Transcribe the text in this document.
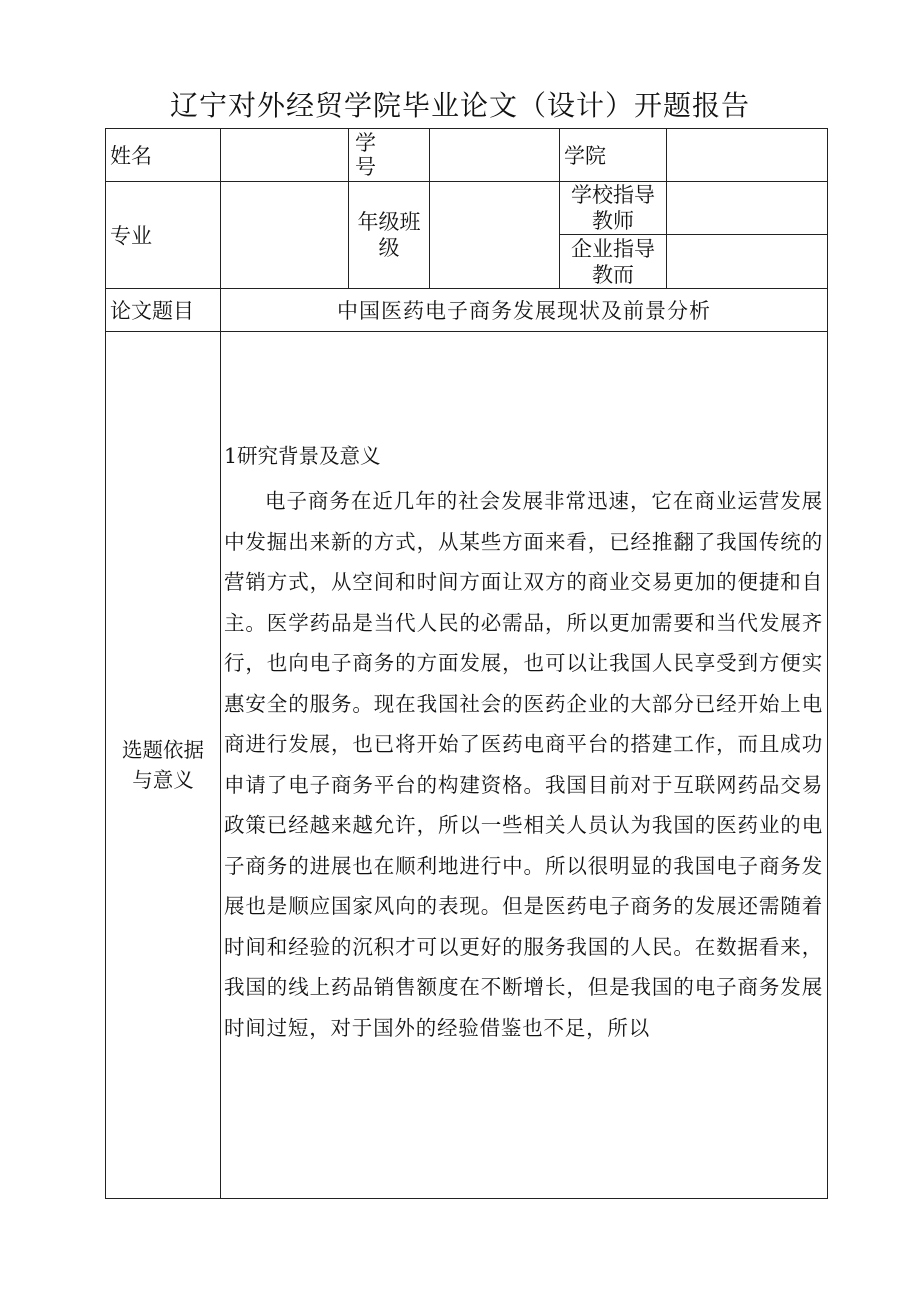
辽宁对外经贸学院毕业论文（设计）开题报告
姓名		学号		学院	
专业		年级班级		学校指导教师	

				企业指导教而	

论文题目	中国医药电子商务发展现状及前景分析				

选题依据与意义	1研究背景及意义

电子商务在近几年的社会发展非常迅速，它在商业运营发展中发掘出来新的方式，从某些方面来看，已经推翻了我国传统的营销方式，从空间和时间方面让双方的商业交易更加的便捷和自主。医学药品是当代人民的必需品，所以更加需要和当代发展齐行，也向电子商务的方面发展，也可以让我国人民享受到方便实惠安全的服务。现在我国社会的医药企业的大部分已经开始上电商进行发展，也已将开始了医药电商平台的搭建工作，而且成功申请了电子商务平台的构建资格。我国目前对于互联网药品交易政策已经越来越允许，所以一些相关人员认为我国的医药业的电子商务的进展也在顺利地进行中。所以很明显的我国电子商务发展也是顺应国家风向的表现。但是医药电子商务的发展还需随着时间和经验的沉积才可以更好的服务我国的人民。在数据看来，我国的线上药品销售额度在不断增长，但是我国的电子商务发展时间过短，对于国外的经验借鉴也不足，所以				
